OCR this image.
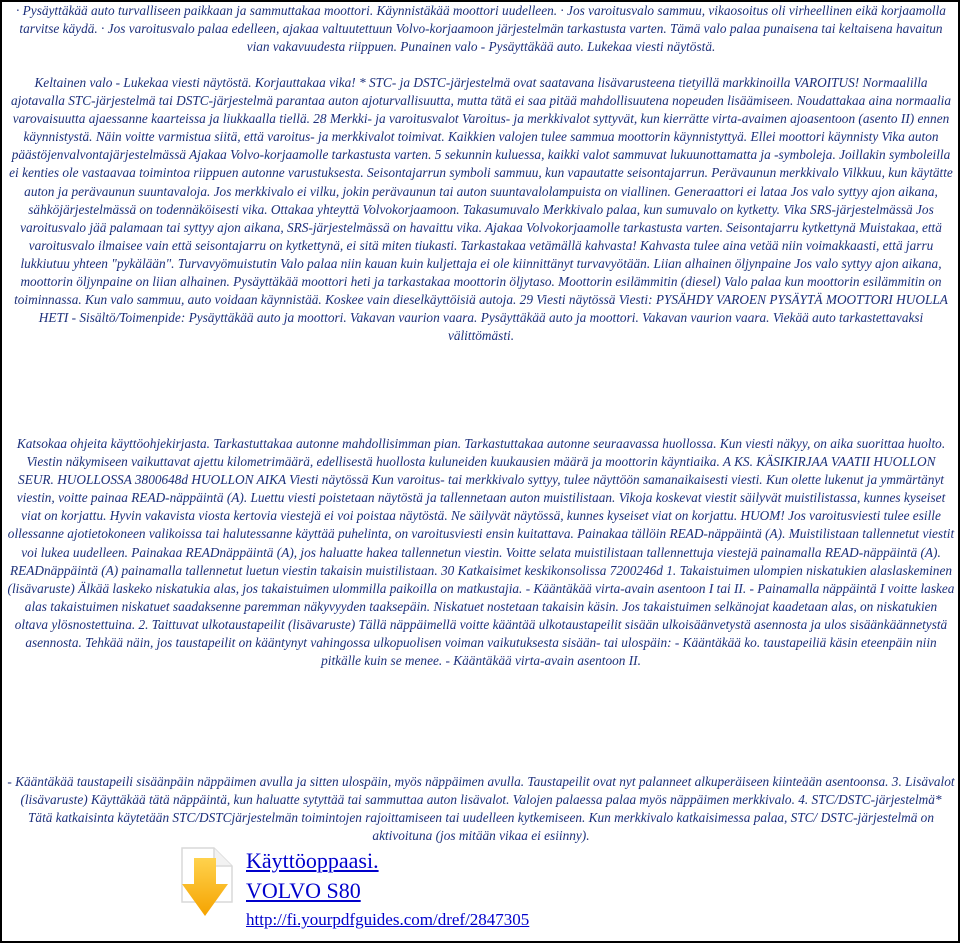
· Pysäyttäkää auto turvalliseen paikkaan ja sammuttakaa moottori. Käynnistäkää moottori uudelleen. · Jos varoitusvalo sammuu, vikaosoitus oli virheellinen eikä korjaamolla tarvitse käydä. · Jos varoitusvalo palaa edelleen, ajakaa valtuutettuun Volvo-korjaamoon järjestelmän tarkastusta varten. Tämä valo palaa punaisena tai keltaisena havaitun vian vakavuudesta riippuen. Punainen valo - Pysäyttäkää auto. Lukekaa viesti näytöstä.

Keltainen valo - Lukekaa viesti näytöstä. Korjauttakaa vika! * STC- ja DSTC-järjestelmä ovat saatavana lisävarusteena tietyillä markkinoilla VAROITUS! Normaalilla ajotavalla STC-järjestelmä tai DSTC-järjestelmä parantaa auton ajoturvallisuutta, mutta tätä ei saa pitää mahdollisuutena nopeuden lisäämiseen. Noudattakaa aina normaalia varovaisuutta ajaessanne kaarteissa ja liukkaalla tiellä. 28 Merkki- ja varoitusvalot Varoitus- ja merkkivalot syttyvät, kun kierrätte virta-avaimen ajoasentoon (asento II) ennen käynnistystä. Näin voitte varmistua siitä, että varoitus- ja merkkivalot toimivat. Kaikkien valojen tulee sammua moottorin käynnistyttyä. Ellei moottori käynnisty Vika auton päästöjenvalvontajärjestelmässä Ajakaa Volvo-korjaamolle tarkastusta varten. 5 sekunnin kuluessa, kaikki valot sammuvat lukuunottamatta ja -symboleja. Joillakin symboleilla ei kenties ole vastaavaa toimintoa riippuen autonne varustuksesta. Seisontajarrun symboli sammuu, kun vapautatte seisontajarrun. Perävaunun merkkivalo Vilkkuu, kun käytätte auton ja perävaunun suuntavaloja. Jos merkkivalo ei vilku, jokin perävaunun tai auton suuntavalolampuista on viallinen. Generaattori ei lataa Jos valo syttyy ajon aikana, sähköjärjestelmässä on todennäköisesti vika. Ottakaa yhteyttä Volvokorjaamoon. Takasumuvalo Merkkivalo palaa, kun sumuvalo on kytketty. Vika SRS-järjestelmässä Jos varoitusvalo jää palamaan tai syttyy ajon aikana, SRS-järjestelmässä on havaittu vika. Ajakaa Volvokorjaamolle tarkastusta varten. Seisontajarru kytkettynä Muistakaa, että varoitusvalo ilmaisee vain että seisontajarru on kytkettynä, ei sitä miten tiukasti. Tarkastakaa vetämällä kahvasta! Kahvasta tulee aina vetää niin voimakkaasti, että jarru lukkiutuu yhteen "pykälään". Turvavyömuistutin Valo palaa niin kauan kuin kuljettaja ei ole kiinnittänyt turvavyötään. Liian alhainen öljynpaine Jos valo syttyy ajon aikana, moottorin öljynpaine on liian alhainen. Pysäyttäkää moottori heti ja tarkastakaa moottorin öljytaso. Moottorin esilämmitin (diesel) Valo palaa kun moottorin esilämmitin on toiminnassa. Kun valo sammuu, auto voidaan käynnistää. Koskee vain dieselkäyttöisiä autoja. 29 Viesti näytössä Viesti: PYSÄHDY VAROEN PYSÄYTÄ MOOTTORI HUOLLA HETI - Sisältö/Toimenpide: Pysäyttäkää auto ja moottori. Vakavan vaurion vaara. Pysäyttäkää auto ja moottori. Vakavan vaurion vaara. Viekää auto tarkastettavaksi välittömästi.

Katsokaa ohjeita käyttöohjekirjasta. Tarkastuttakaa autonne mahdollisimman pian. Tarkastuttakaa autonne seuraavassa huollossa. Kun viesti näkyy, on aika suorittaa huolto. Viestin näkymiseen vaikuttavat ajettu kilometrimäärä, edellisestä huollosta kuluneiden kuukausien määrä ja moottorin käyntiaika. A KS. KÄSIKIRJAA VAATII HUOLLON SEUR. HUOLLOSSA 3800648d HUOLLON AIKA Viesti näytössä Kun varoitus- tai merkkivalo syttyy, tulee näyttöön samanaikaisesti viesti. Kun olette lukenut ja ymmärtänyt viestin, voitte painaa READ-näppäintä (A). Luettu viesti poistetaan näytöstä ja tallennetaan auton muistilistaan. Vikoja koskevat viestit säilyvät muistilistassa, kunnes kyseiset viat on korjattu. Hyvin vakavista viosta kertovia viestejä ei voi poistaa näytöstä. Ne säilyvät näytössä, kunnes kyseiset viat on korjattu. HUOM! Jos varoitusviesti tulee esille ollessanne ajotietokoneen valikoissa tai halutessanne käyttää puhelinta, on varoitusviesti ensin kuitattava. Painakaa tällöin READ-näppäintä (A). Muistilistaan tallennetut viestit voi lukea uudelleen. Painakaa READnäppäintä (A), jos haluatte hakea tallennetun viestin. Voitte selata muistilistaan tallennettuja viestejä painamalla READ-näppäintä (A). READnäppäintä (A) painamalla tallennetut luetun viestin takaisin muistilistaan. 30 Katkaisimet keskikonsolissa 7200246d 1. Takaistuimen ulompien niskatukien alaslaskeminen (lisävaruste) Älkää laskeko niskatukia alas, jos takaistuimen ulommilla paikoilla on matkustajia. - Kääntäkää virta-avain asentoon I tai II. - Painamalla näppäintä I voitte laskea alas takaistuimen niskatuet saadaksenne paremman näkyvyyden taaksepäin. Niskatuet nostetaan takaisin käsin. Jos takaistuimen selkänojat kaadetaan alas, on niskatukien oltava ylösnostettuina. 2. Taittuvat ulkotaustapeilit (lisävaruste) Tällä näppäimellä voitte kääntää ulkotaustapeilit sisään ulkoisäänvetystä asennosta ja ulos sisäänkäännetystä asennosta. Tehkää näin, jos taustapeilit on kääntynyt vahingossa ulkopuolisen voiman vaikutuksesta sisään- tai ulospäin: - Kääntäkää ko. taustapeiliä käsin eteenpäin niin pitkälle kuin se menee. - Kääntäkää virta-avain asentoon II.

- Kääntäkää taustapeili sisäänpäin näppäimen avulla ja sitten ulospäin, myös näppäimen avulla. Taustapeilit ovat nyt palanneet alkuperäiseen kiinteään asentoonsa. 3. Lisävalot (lisävaruste) Käyttäkää tätä näppäintä, kun haluatte sytyttää tai sammuttaa auton lisävalot. Valojen palaessa palaa myös näppäimen merkkivalo. 4. STC/DSTC-järjestelmä* Tätä katkaisinta käytetään STC/DSTCjärjestelmän toimintojen rajoittamiseen tai uudelleen kytkemiseen. Kun merkkivalo katkaisimessa palaa, STC/ DSTC-järjestelmä on aktivoituna (jos mitään vikaa ei esiinny).

Käyttöoppaasi.
VOLVO S80
http://fi.yourpdfguides.com/dref/2847305
